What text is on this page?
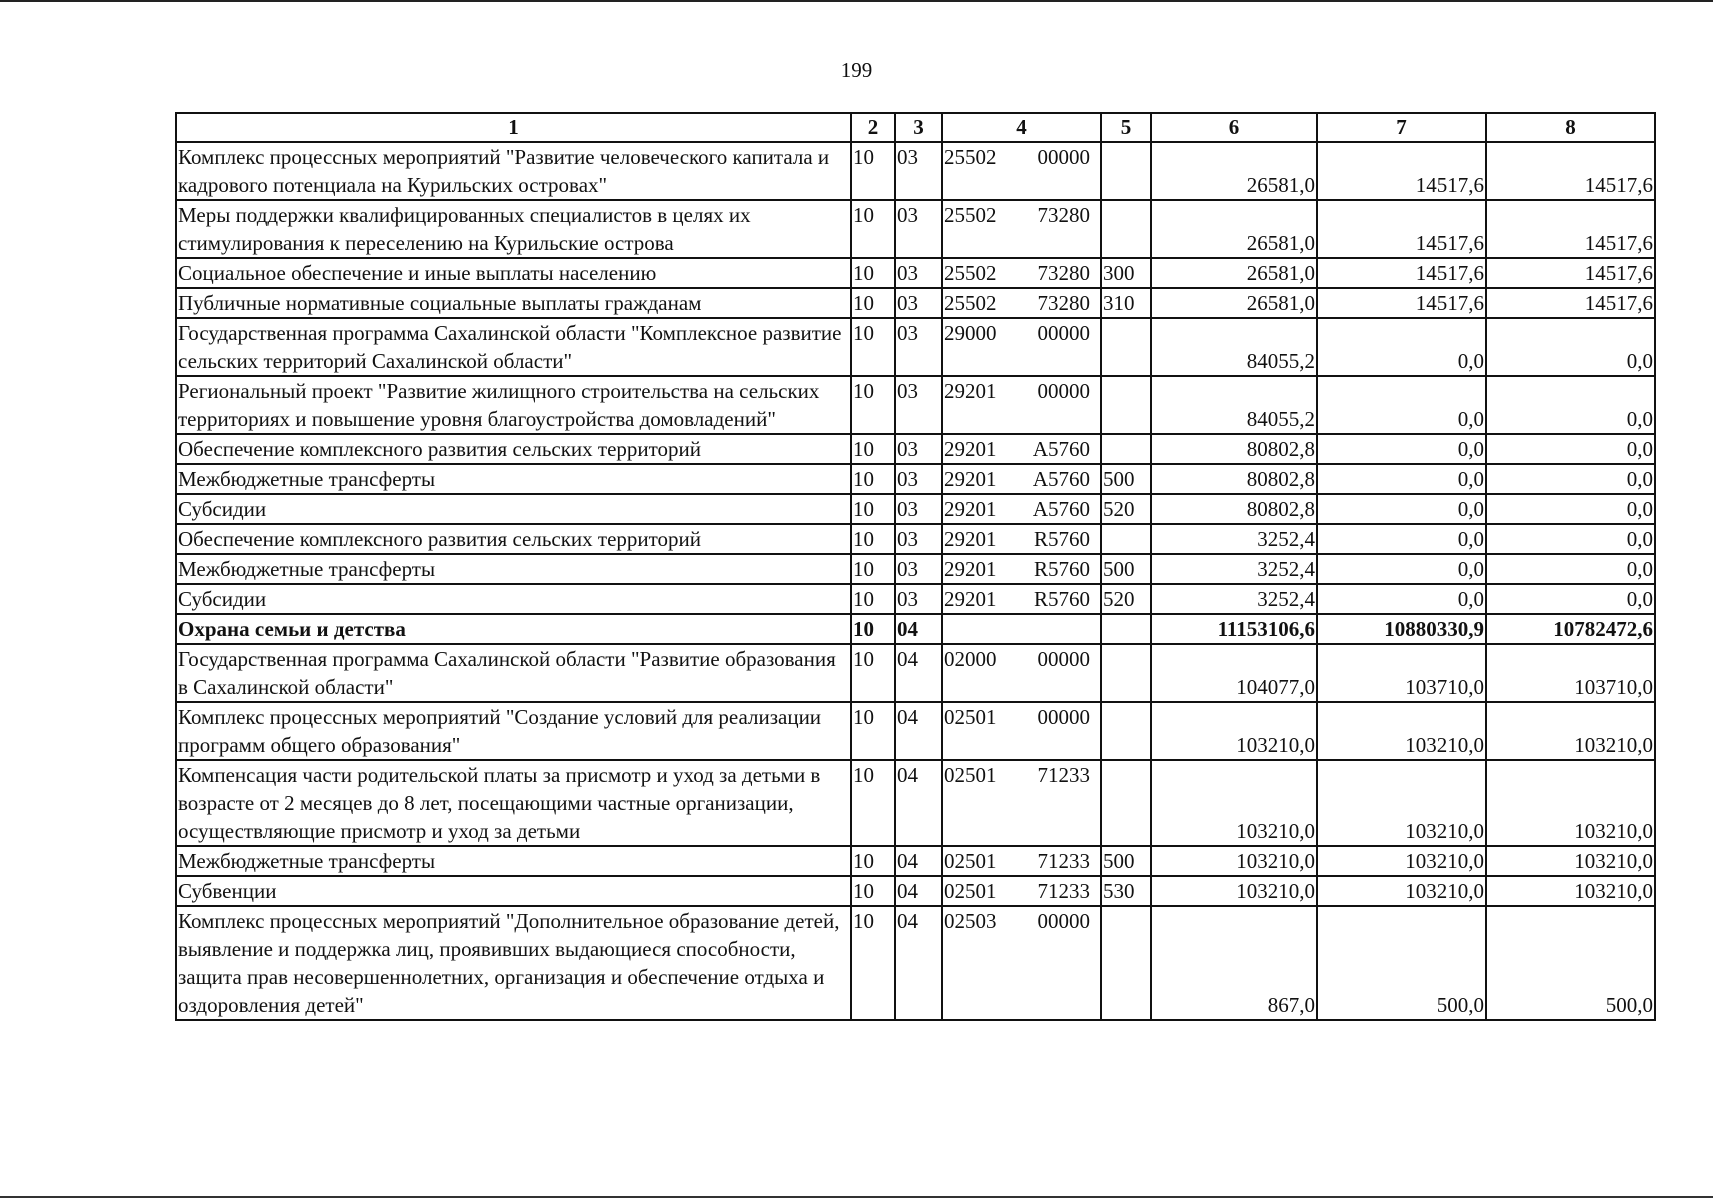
199
1	2	3	4	5	6	7	8
Комплекс процессных мероприятий "Развитие человеческого капитала и кадрового потенциала на Курильских островах"	10	03	25502 00000		26581,0	14517,6	14517,6
Меры поддержки квалифицированных специалистов в целях их стимулирования к переселению на Курильские острова	10	03	25502 73280		26581,0	14517,6	14517,6
Социальное обеспечение и иные выплаты населению	10	03	25502 73280	300	26581,0	14517,6	14517,6
Публичные нормативные социальные выплаты гражданам	10	03	25502 73280	310	26581,0	14517,6	14517,6
Государственная программа Сахалинской области "Комплексное развитие сельских территорий Сахалинской области"	10	03	29000 00000		84055,2	0,0	0,0
Региональный проект "Развитие жилищного строительства на сельских территориях и повышение уровня благоустройства домовладений"	10	03	29201 00000		84055,2	0,0	0,0
Обеспечение комплексного развития сельских территорий	10	03	29201 A5760		80802,8	0,0	0,0
Межбюджетные трансферты	10	03	29201 A5760	500	80802,8	0,0	0,0
Субсидии	10	03	29201 A5760	520	80802,8	0,0	0,0
Обеспечение комплексного развития сельских территорий	10	03	29201 R5760		3252,4	0,0	0,0
Межбюджетные трансферты	10	03	29201 R5760	500	3252,4	0,0	0,0
Субсидии	10	03	29201 R5760	520	3252,4	0,0	0,0
Охрана семьи и детства	10	04			11153106,6	10880330,9	10782472,6
Государственная программа Сахалинской области "Развитие образования в Сахалинской области"	10	04	02000 00000		104077,0	103710,0	103710,0
Комплекс процессных мероприятий "Создание условий для реализации программ общего образования"	10	04	02501 00000		103210,0	103210,0	103210,0
Компенсация части родительской платы за присмотр и уход за детьми в возрасте от 2 месяцев до 8 лет, посещающими частные организации, осуществляющие присмотр и уход за детьми	10	04	02501 71233		103210,0	103210,0	103210,0
Межбюджетные трансферты	10	04	02501 71233	500	103210,0	103210,0	103210,0
Субвенции	10	04	02501 71233	530	103210,0	103210,0	103210,0
Комплекс процессных мероприятий "Дополнительное образование детей, выявление и поддержка лиц, проявивших выдающиеся способности, защита прав несовершеннолетних, организация и обеспечение отдыха и оздоровления детей"	10	04	02503 00000		867,0	500,0	500,0
